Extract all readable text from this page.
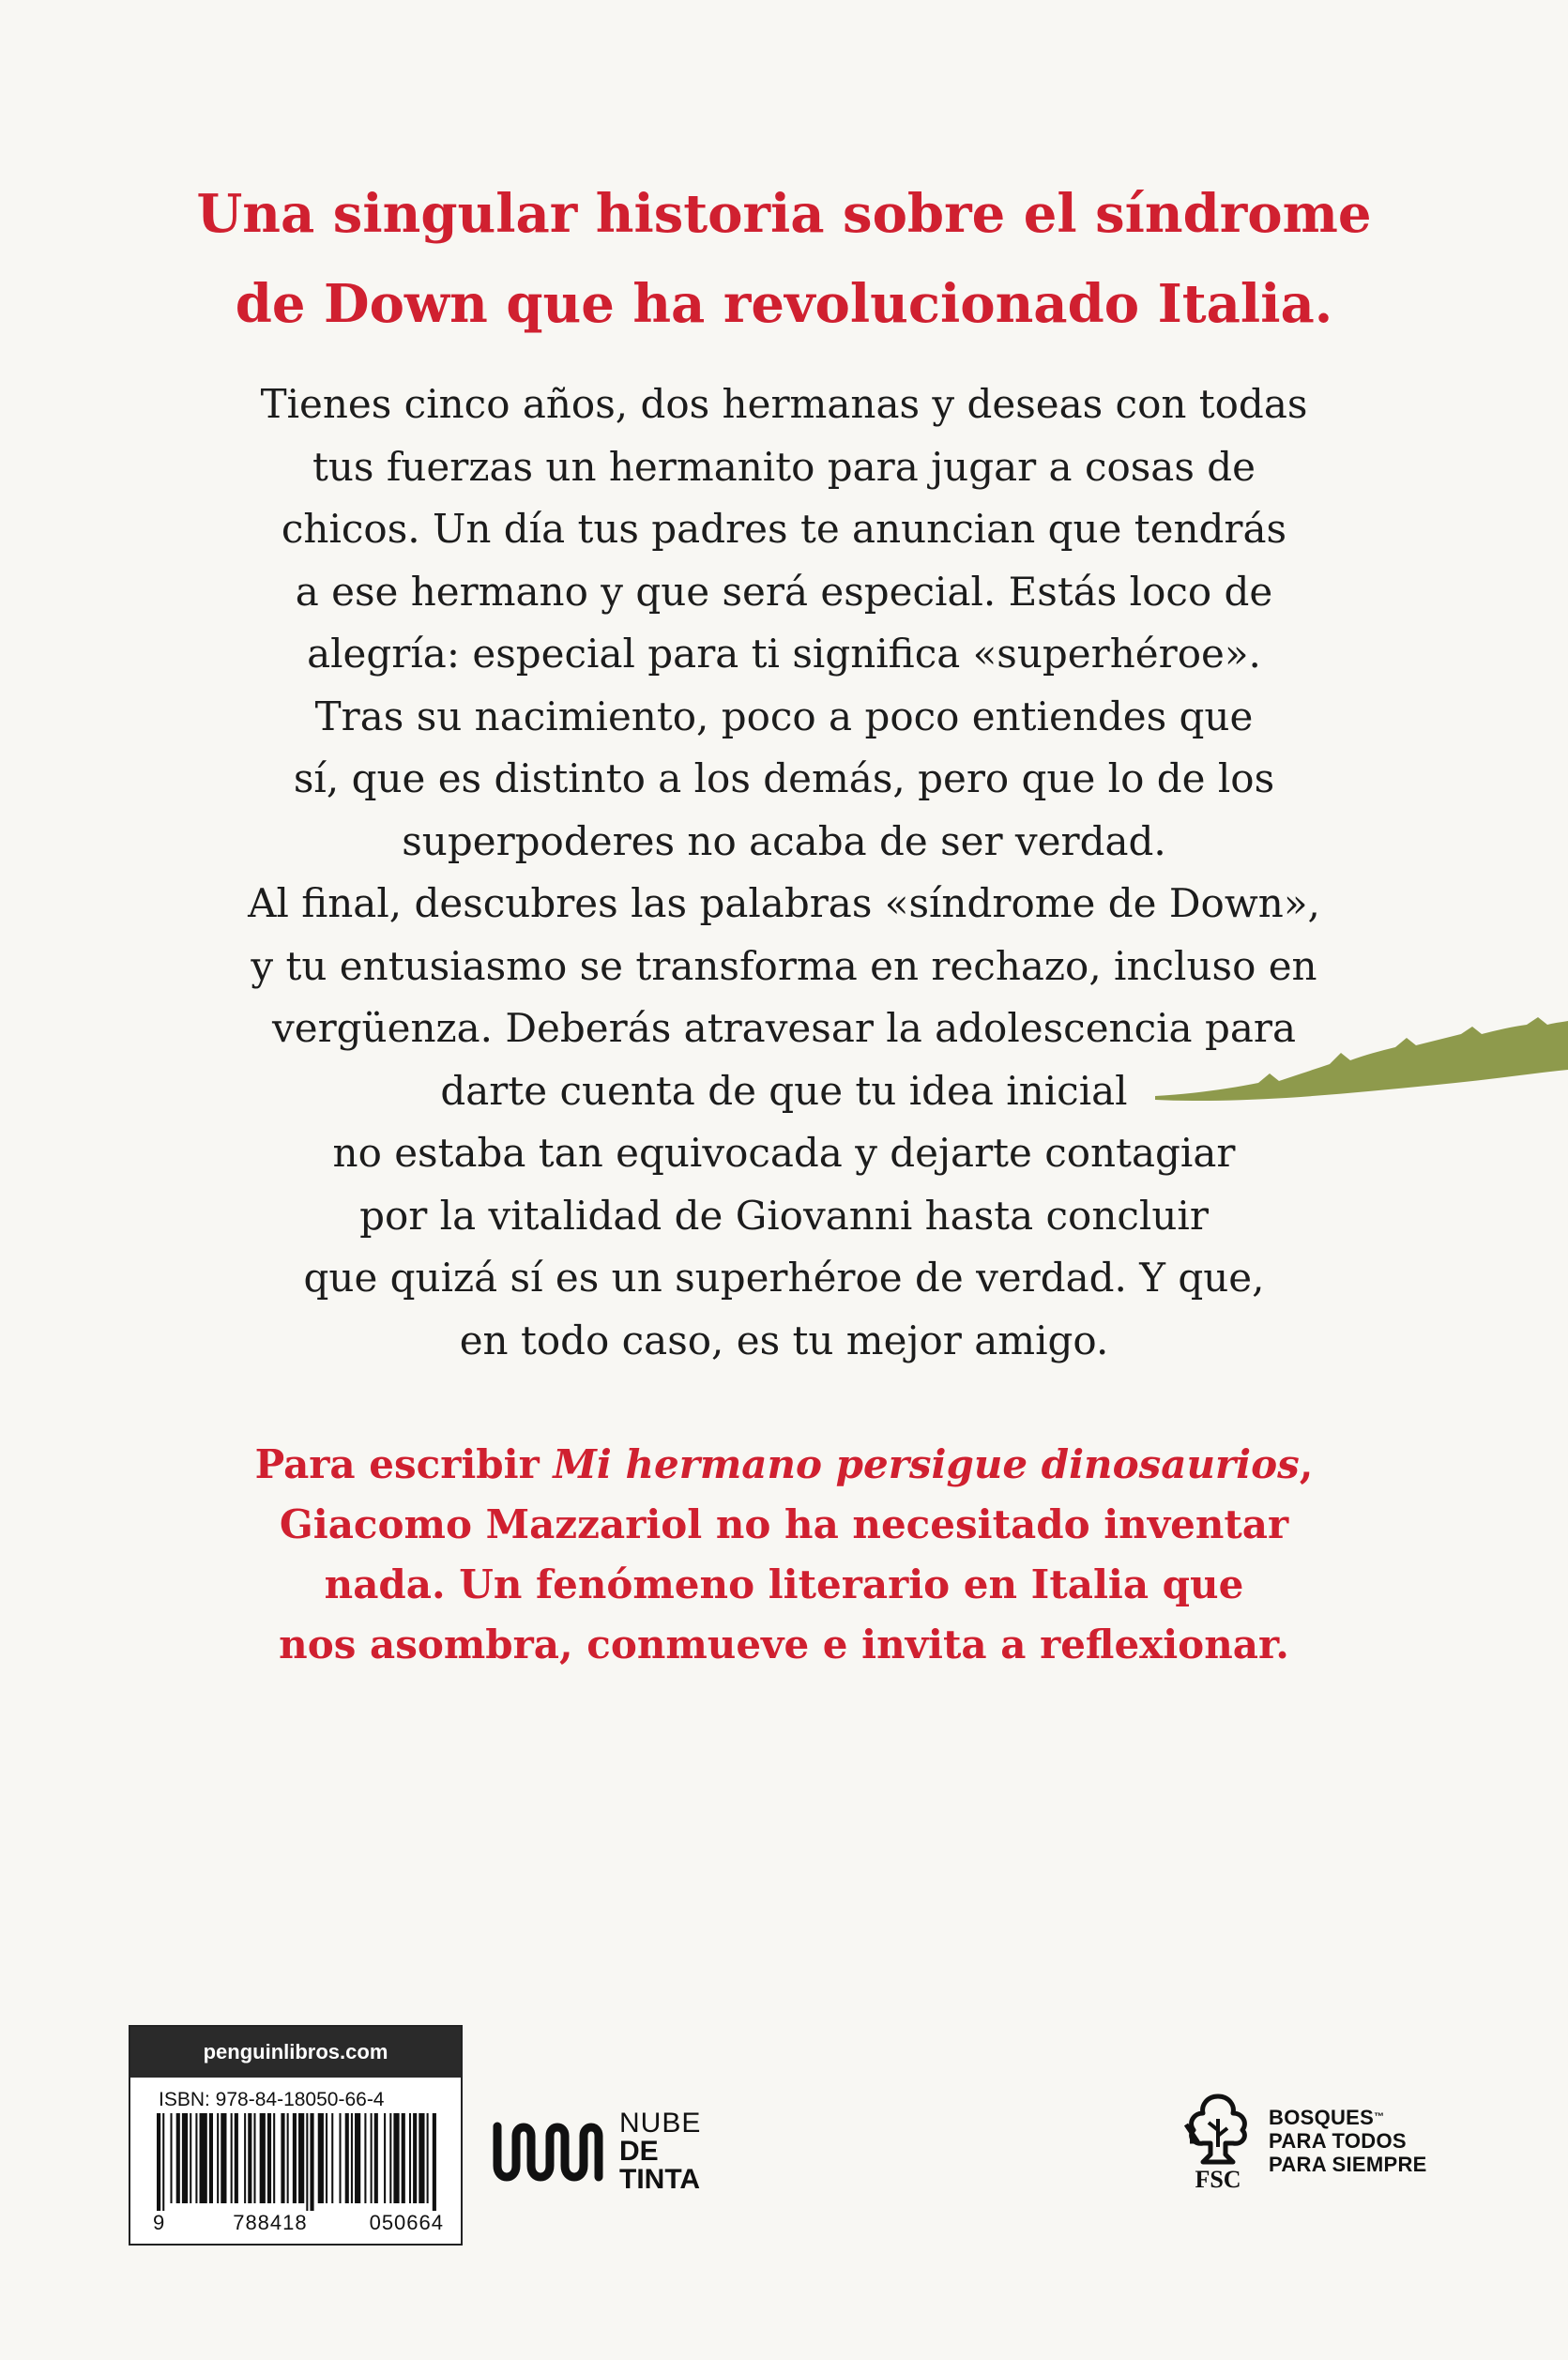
Una singular historia sobre el síndrome
de Down que ha revolucionado Italia.

Tienes cinco años, dos hermanas y deseas con todas
tus fuerzas un hermanito para jugar a cosas de
chicos. Un día tus padres te anuncian que tendrás
a ese hermano y que será especial. Estás loco de
alegría: especial para ti significa «superhéroe».
Tras su nacimiento, poco a poco entiendes que
sí, que es distinto a los demás, pero que lo de los
superpoderes no acaba de ser verdad.
Al final, descubres las palabras «síndrome de Down»,
y tu entusiasmo se transforma en rechazo, incluso en
vergüenza. Deberás atravesar la adolescencia para
darte cuenta de que tu idea inicial
no estaba tan equivocada y dejarte contagiar
por la vitalidad de Giovanni hasta concluir
que quizá sí es un superhéroe de verdad. Y que,
en todo caso, es tu mejor amigo.

Para escribir Mi hermano persigue dinosaurios,
Giacomo Mazzariol no ha necesitado inventar
nada. Un fenómeno literario en Italia que
nos asombra, conmueve e invita a reflexionar.

penguinlibros.com
ISBN: 978-84-18050-66-4
9	788418	050664
NUBE
DE
TINTA	FSC
BOSQUES™
PARA TODOS
PARA SIEMPRE
